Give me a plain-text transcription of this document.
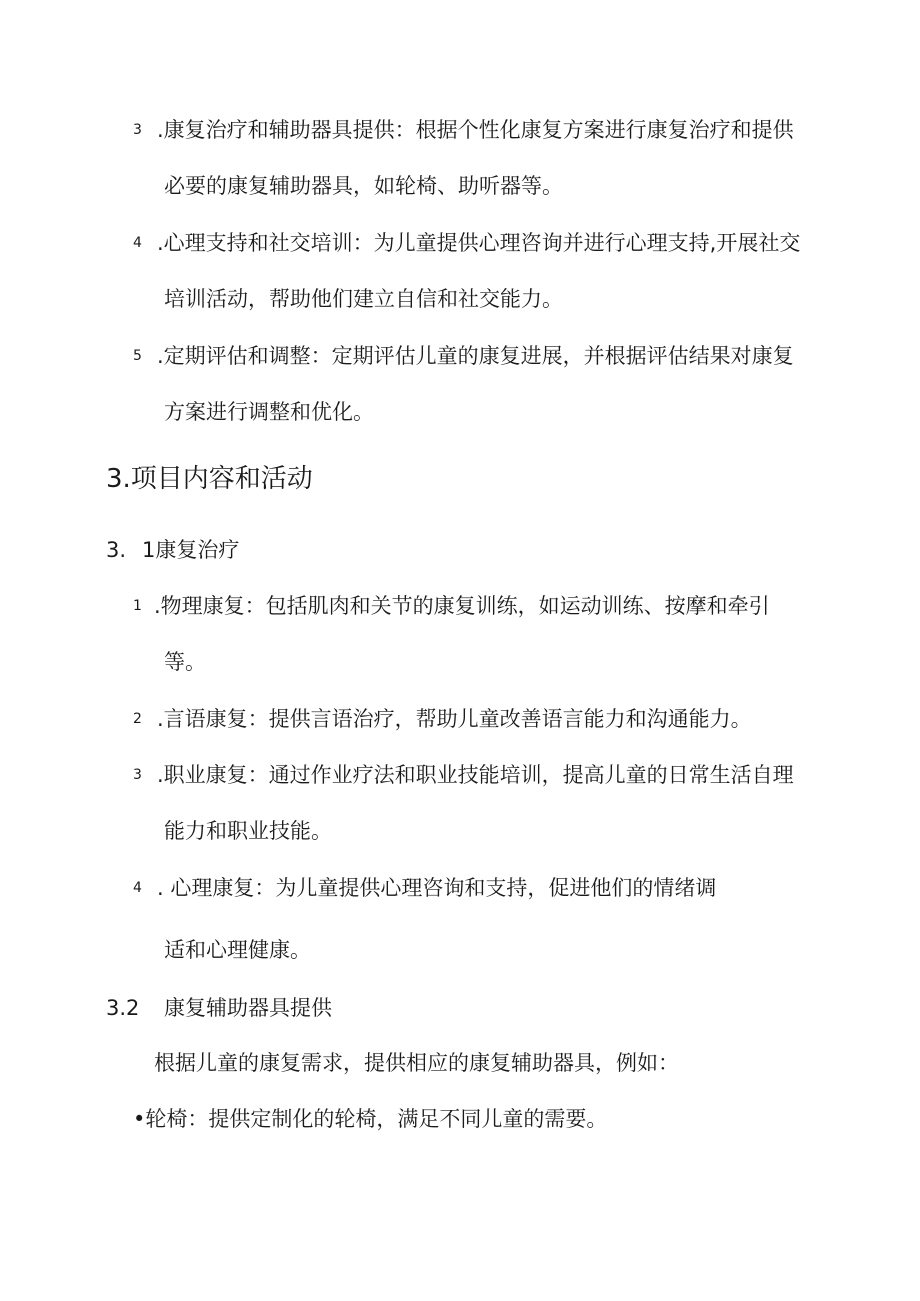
3 .康复治疗和辅助器具提供：根据个性化康复方案进行康复治疗和提供
必要的康复辅助器具，如轮椅、助听器等。
4 .心理支持和社交培训：为儿童提供心理咨询并进行心理支持,开展社交
培训活动，帮助他们建立自信和社交能力。
5 .定期评估和调整：定期评估儿童的康复进展，并根据评估结果对康复
方案进行调整和优化。
3.项目内容和活动
3. 1康复治疗
1 .物理康复：包括肌肉和关节的康复训练，如运动训练、按摩和牵引
等。
2 .言语康复：提供言语治疗，帮助儿童改善语言能力和沟通能力。
3 .职业康复：通过作业疗法和职业技能培训，提高儿童的日常生活自理
能力和职业技能。
4 . 心理康复：为儿童提供心理咨询和支持，促进他们的情绪调
适和心理健康。
3.2 康复辅助器具提供
根据儿童的康复需求，提供相应的康复辅助器具，例如：
•轮椅：提供定制化的轮椅，满足不同儿童的需要。
